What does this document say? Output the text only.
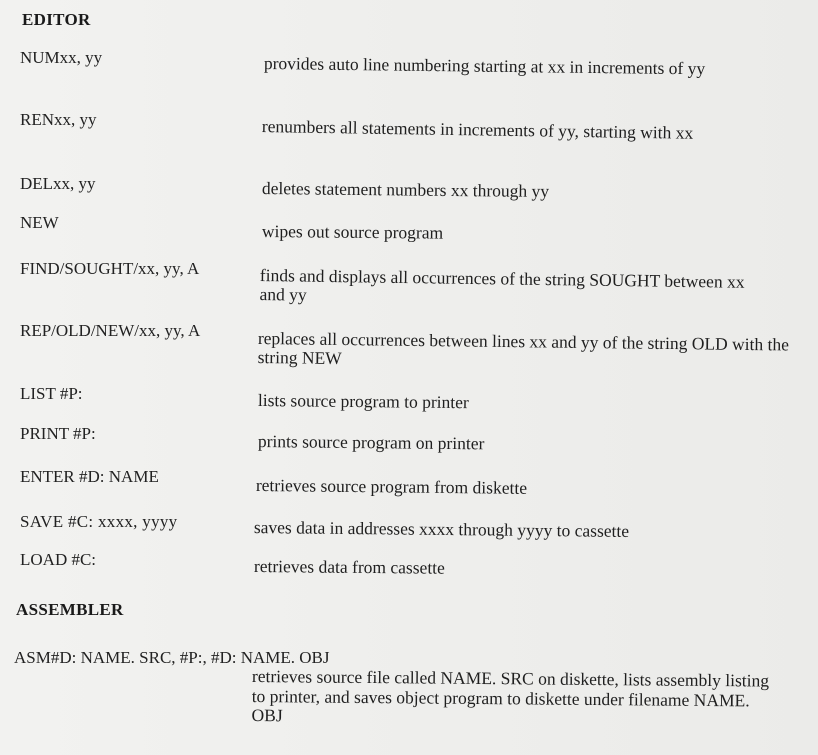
EDITOR
NUMxx, yy	provides auto line numbering starting at xx in increments of yy
RENxx, yy	renumbers all statements in increments of yy, starting with xx
DELxx, yy	deletes statement numbers xx through yy
NEW	wipes out source program
FIND/SOUGHT/xx, yy, A	finds and displays all occurrences of the string SOUGHT between xx and yy
REP/OLD/NEW/xx, yy, A	replaces all occurrences between lines xx and yy of the string OLD with the string NEW
LIST #P:	lists source program to printer
PRINT #P:	prints source program on printer
ENTER #D: NAME	retrieves source program from diskette
SAVE #C: xxxx, yyyy	saves data in addresses xxxx through yyyy to cassette
LOAD #C:	retrieves data from cassette
ASSEMBLER
ASM#D: NAME. SRC, #P:, #D: NAME. OBJ
retrieves source file called NAME. SRC on diskette, lists assembly listing to printer, and saves object program to diskette under filename NAME. OBJ
